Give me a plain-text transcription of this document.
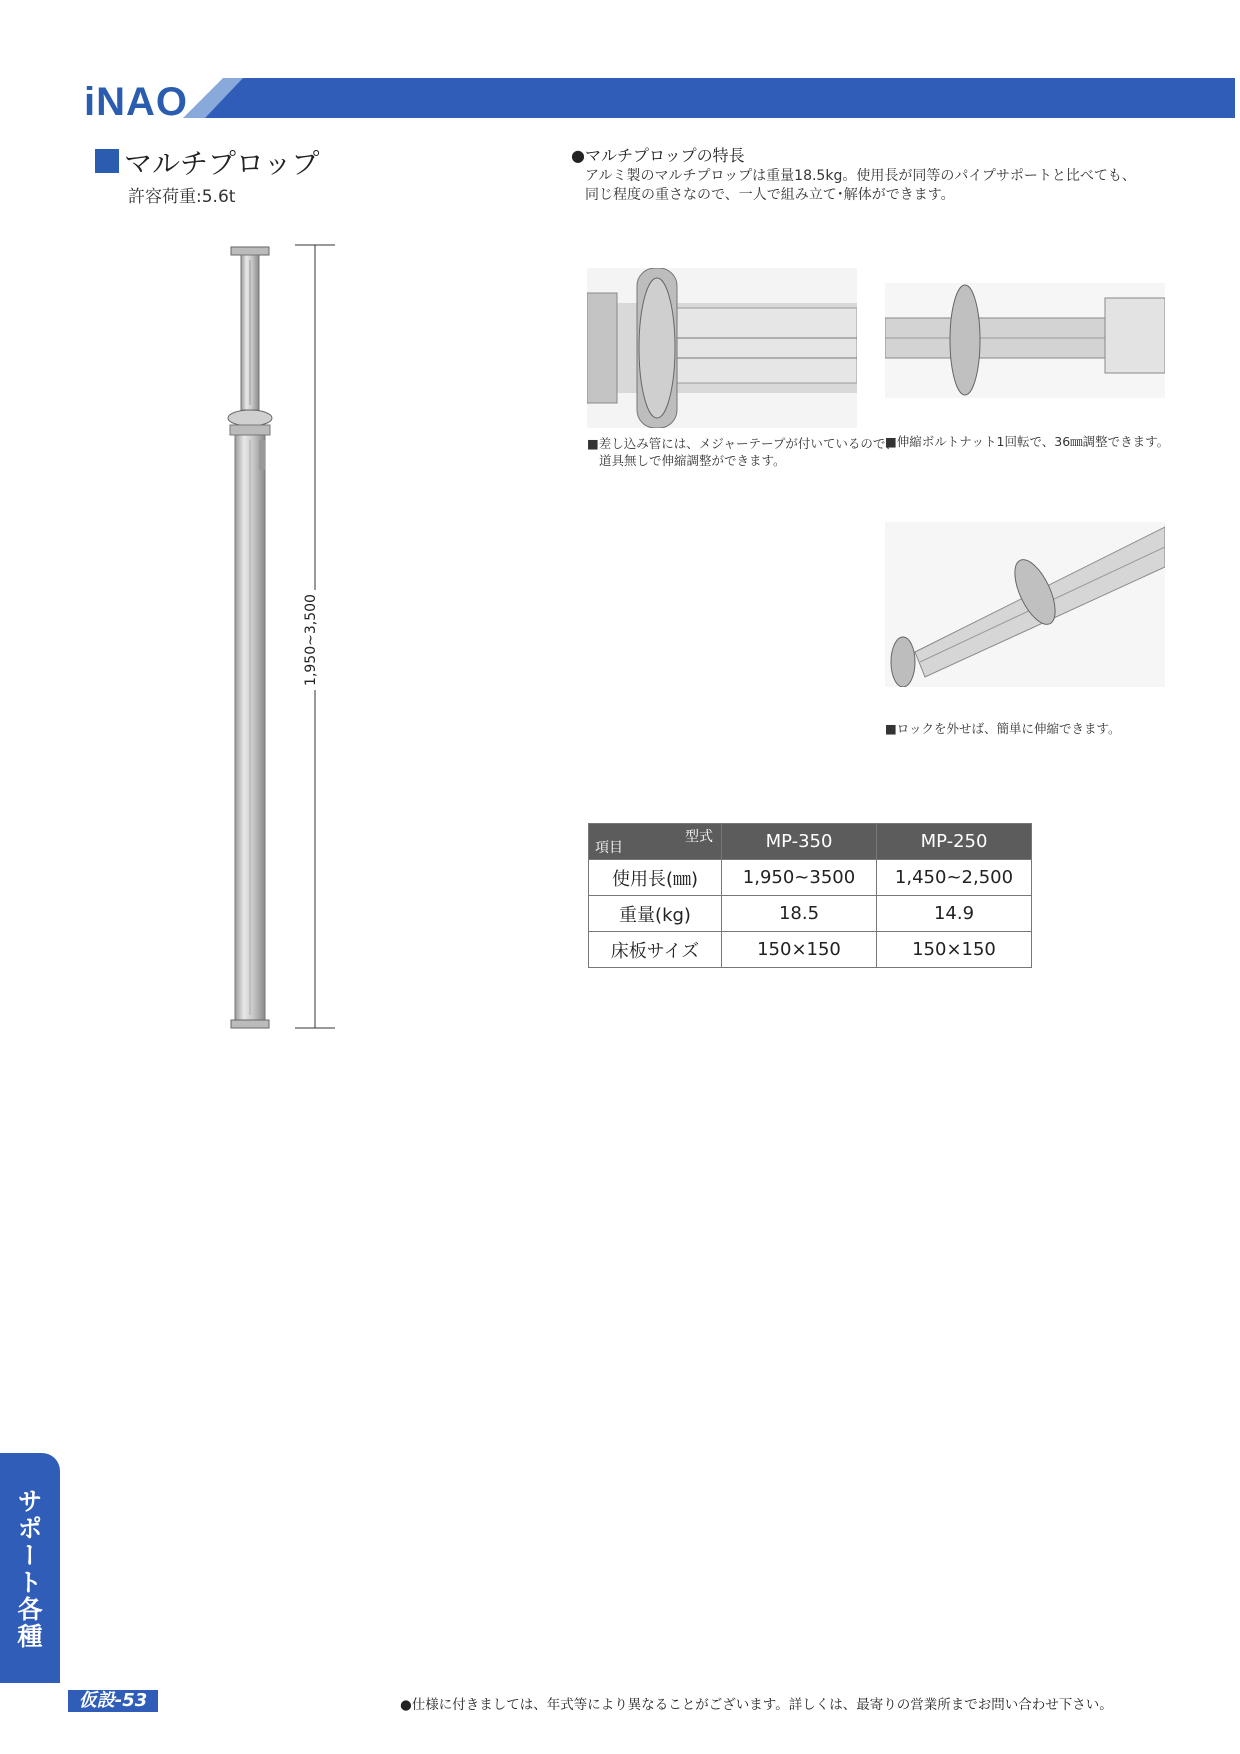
iNAO
マルチプロップ
許容荷重:5.6t
1,950~3,500
●マルチプロップの特長
アルミ製のマルチプロップは重量18.5kg。使用長が同等のパイプサポートと比べても、
同じ程度の重さなので、一人で組み立て･解体ができます。
■差し込み管には、メジャーテープが付いているので、
道具無しで伸縮調整ができます。
■伸縮ボルトナット1回転で、36㎜調整できます。
■ロックを外せば、簡単に伸縮できます。
型式
項目	MP-350	MP-250
使用長(㎜)	1,950~3500	1,450~2,500
重量(kg)	18.5	14.9
床板サイズ	150×150	150×150
サポート各種
仮設-53	●仕様に付きましては、年式等により異なることがございます。詳しくは、最寄りの営業所までお問い合わせ下さい。
